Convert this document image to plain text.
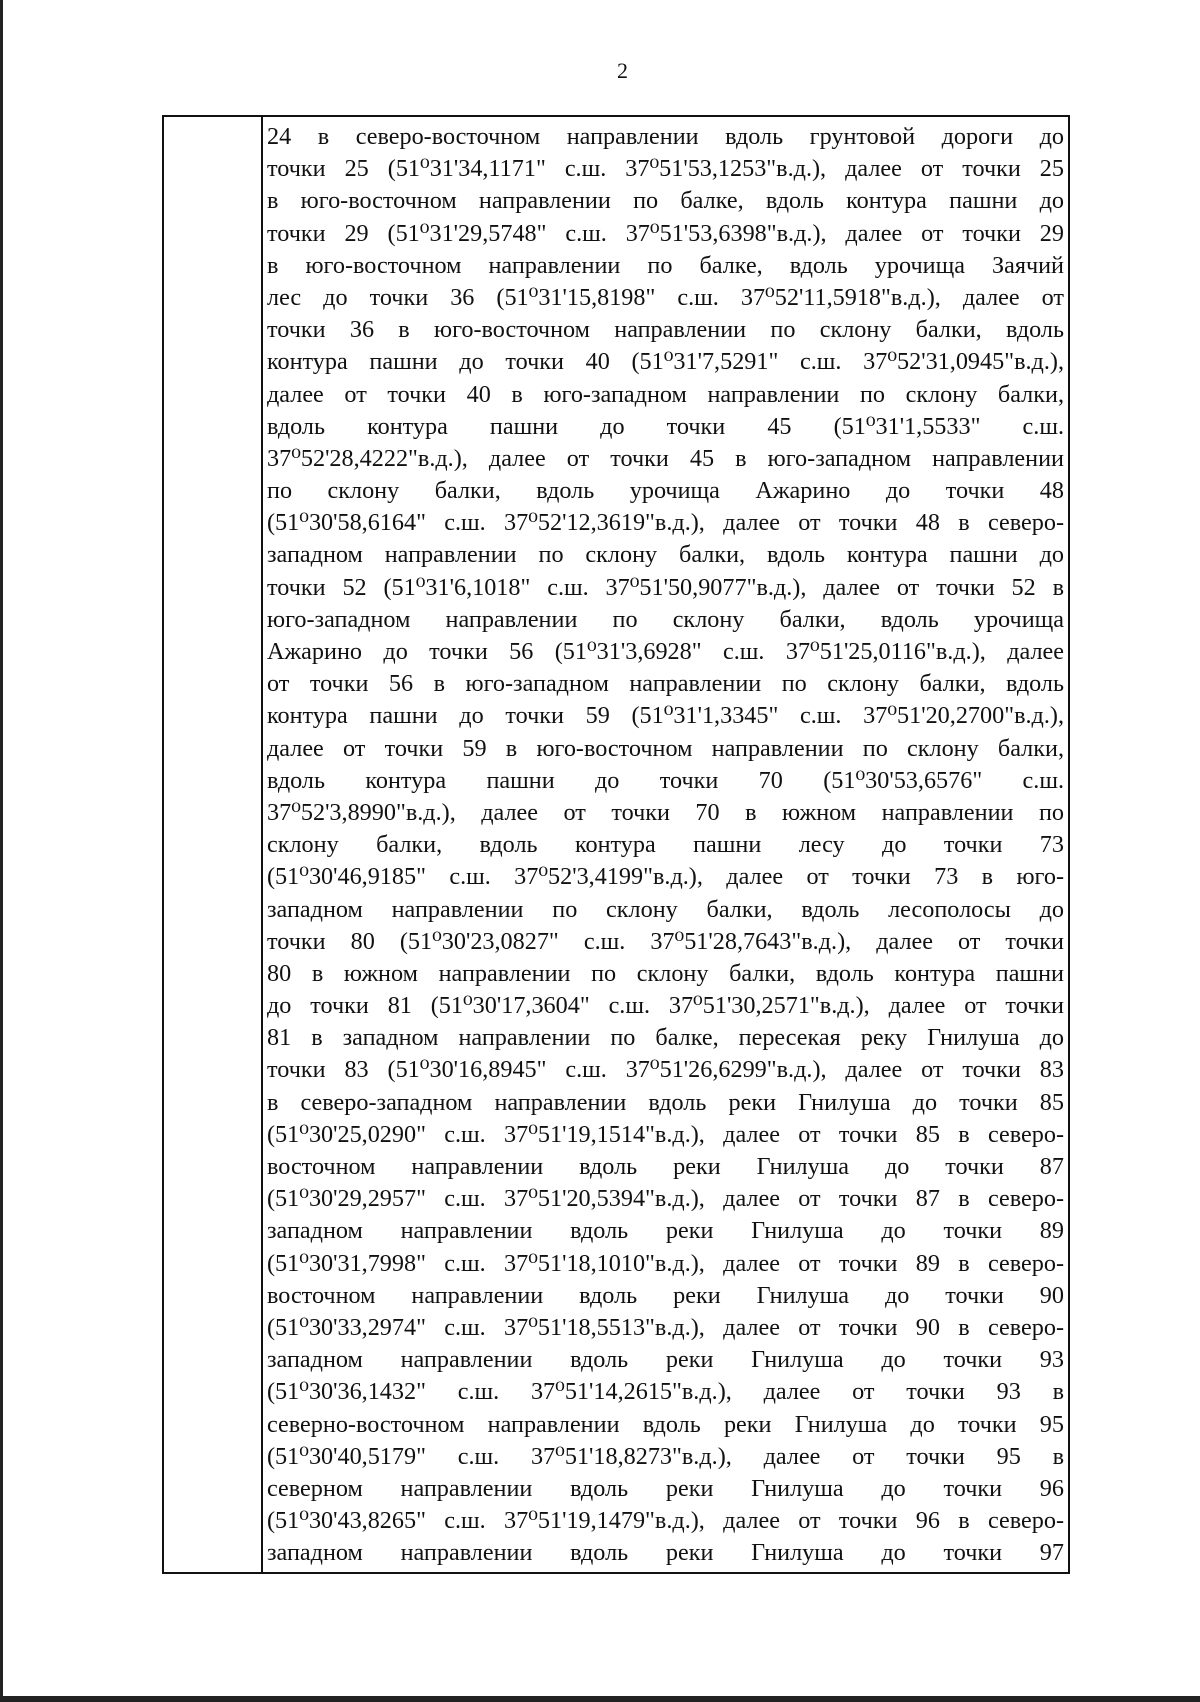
2
24 в северо-восточном направлении вдоль грунтовой дороги до
точки 25 (51⁰31'34,1171" с.ш. 37⁰51'53,1253"в.д.), далее от точки 25
в юго-восточном направлении по балке, вдоль контура пашни до
точки 29 (51⁰31'29,5748" с.ш. 37⁰51'53,6398"в.д.), далее от точки 29
в юго-восточном направлении по балке, вдоль урочища Заячий
лес до точки 36 (51⁰31'15,8198" с.ш. 37⁰52'11,5918"в.д.), далее от
точки 36 в юго-восточном направлении по склону балки, вдоль
контура пашни до точки 40 (51⁰31'7,5291" с.ш. 37⁰52'31,0945"в.д.),
далее от точки 40 в юго-западном направлении по склону балки,
вдоль контура пашни до точки 45 (51⁰31'1,5533" с.ш.
37⁰52'28,4222"в.д.), далее от точки 45 в юго-западном направлении
по склону балки, вдоль урочища Ажарино до точки 48
(51⁰30'58,6164" с.ш. 37⁰52'12,3619"в.д.), далее от точки 48 в северо-
западном направлении по склону балки, вдоль контура пашни до
точки 52 (51⁰31'6,1018" с.ш. 37⁰51'50,9077"в.д.), далее от точки 52 в
юго-западном направлении по склону балки, вдоль урочища
Ажарино до точки 56 (51⁰31'3,6928" с.ш. 37⁰51'25,0116"в.д.), далее
от точки 56 в юго-западном направлении по склону балки, вдоль
контура пашни до точки 59 (51⁰31'1,3345" с.ш. 37⁰51'20,2700"в.д.),
далее от точки 59 в юго-восточном направлении по склону балки,
вдоль контура пашни до точки 70 (51⁰30'53,6576" с.ш.
37⁰52'3,8990"в.д.), далее от точки 70 в южном направлении по
склону балки, вдоль контура пашни лесу до точки 73
(51⁰30'46,9185" с.ш. 37⁰52'3,4199"в.д.), далее от точки 73 в юго-
западном направлении по склону балки, вдоль лесополосы до
точки 80 (51⁰30'23,0827" с.ш. 37⁰51'28,7643"в.д.), далее от точки
80 в южном направлении по склону балки, вдоль контура пашни
до точки 81 (51⁰30'17,3604" с.ш. 37⁰51'30,2571"в.д.), далее от точки
81 в западном направлении по балке, пересекая реку Гнилуша до
точки 83 (51⁰30'16,8945" с.ш. 37⁰51'26,6299"в.д.), далее от точки 83
в северо-западном направлении вдоль реки Гнилуша до точки 85
(51⁰30'25,0290" с.ш. 37⁰51'19,1514"в.д.), далее от точки 85 в северо-
восточном направлении вдоль реки Гнилуша до точки 87
(51⁰30'29,2957" с.ш. 37⁰51'20,5394"в.д.), далее от точки 87 в северо-
западном направлении вдоль реки Гнилуша до точки 89
(51⁰30'31,7998" с.ш. 37⁰51'18,1010"в.д.), далее от точки 89 в северо-
восточном направлении вдоль реки Гнилуша до точки 90
(51⁰30'33,2974" с.ш. 37⁰51'18,5513"в.д.), далее от точки 90 в северо-
западном направлении вдоль реки Гнилуша до точки 93
(51⁰30'36,1432" с.ш. 37⁰51'14,2615"в.д.), далее от точки 93 в
северно-восточном направлении вдоль реки Гнилуша до точки 95
(51⁰30'40,5179" с.ш. 37⁰51'18,8273"в.д.), далее от точки 95 в
северном направлении вдоль реки Гнилуша до точки 96
(51⁰30'43,8265" с.ш. 37⁰51'19,1479"в.д.), далее от точки 96 в северо-
западном направлении вдоль реки Гнилуша до точки 97
